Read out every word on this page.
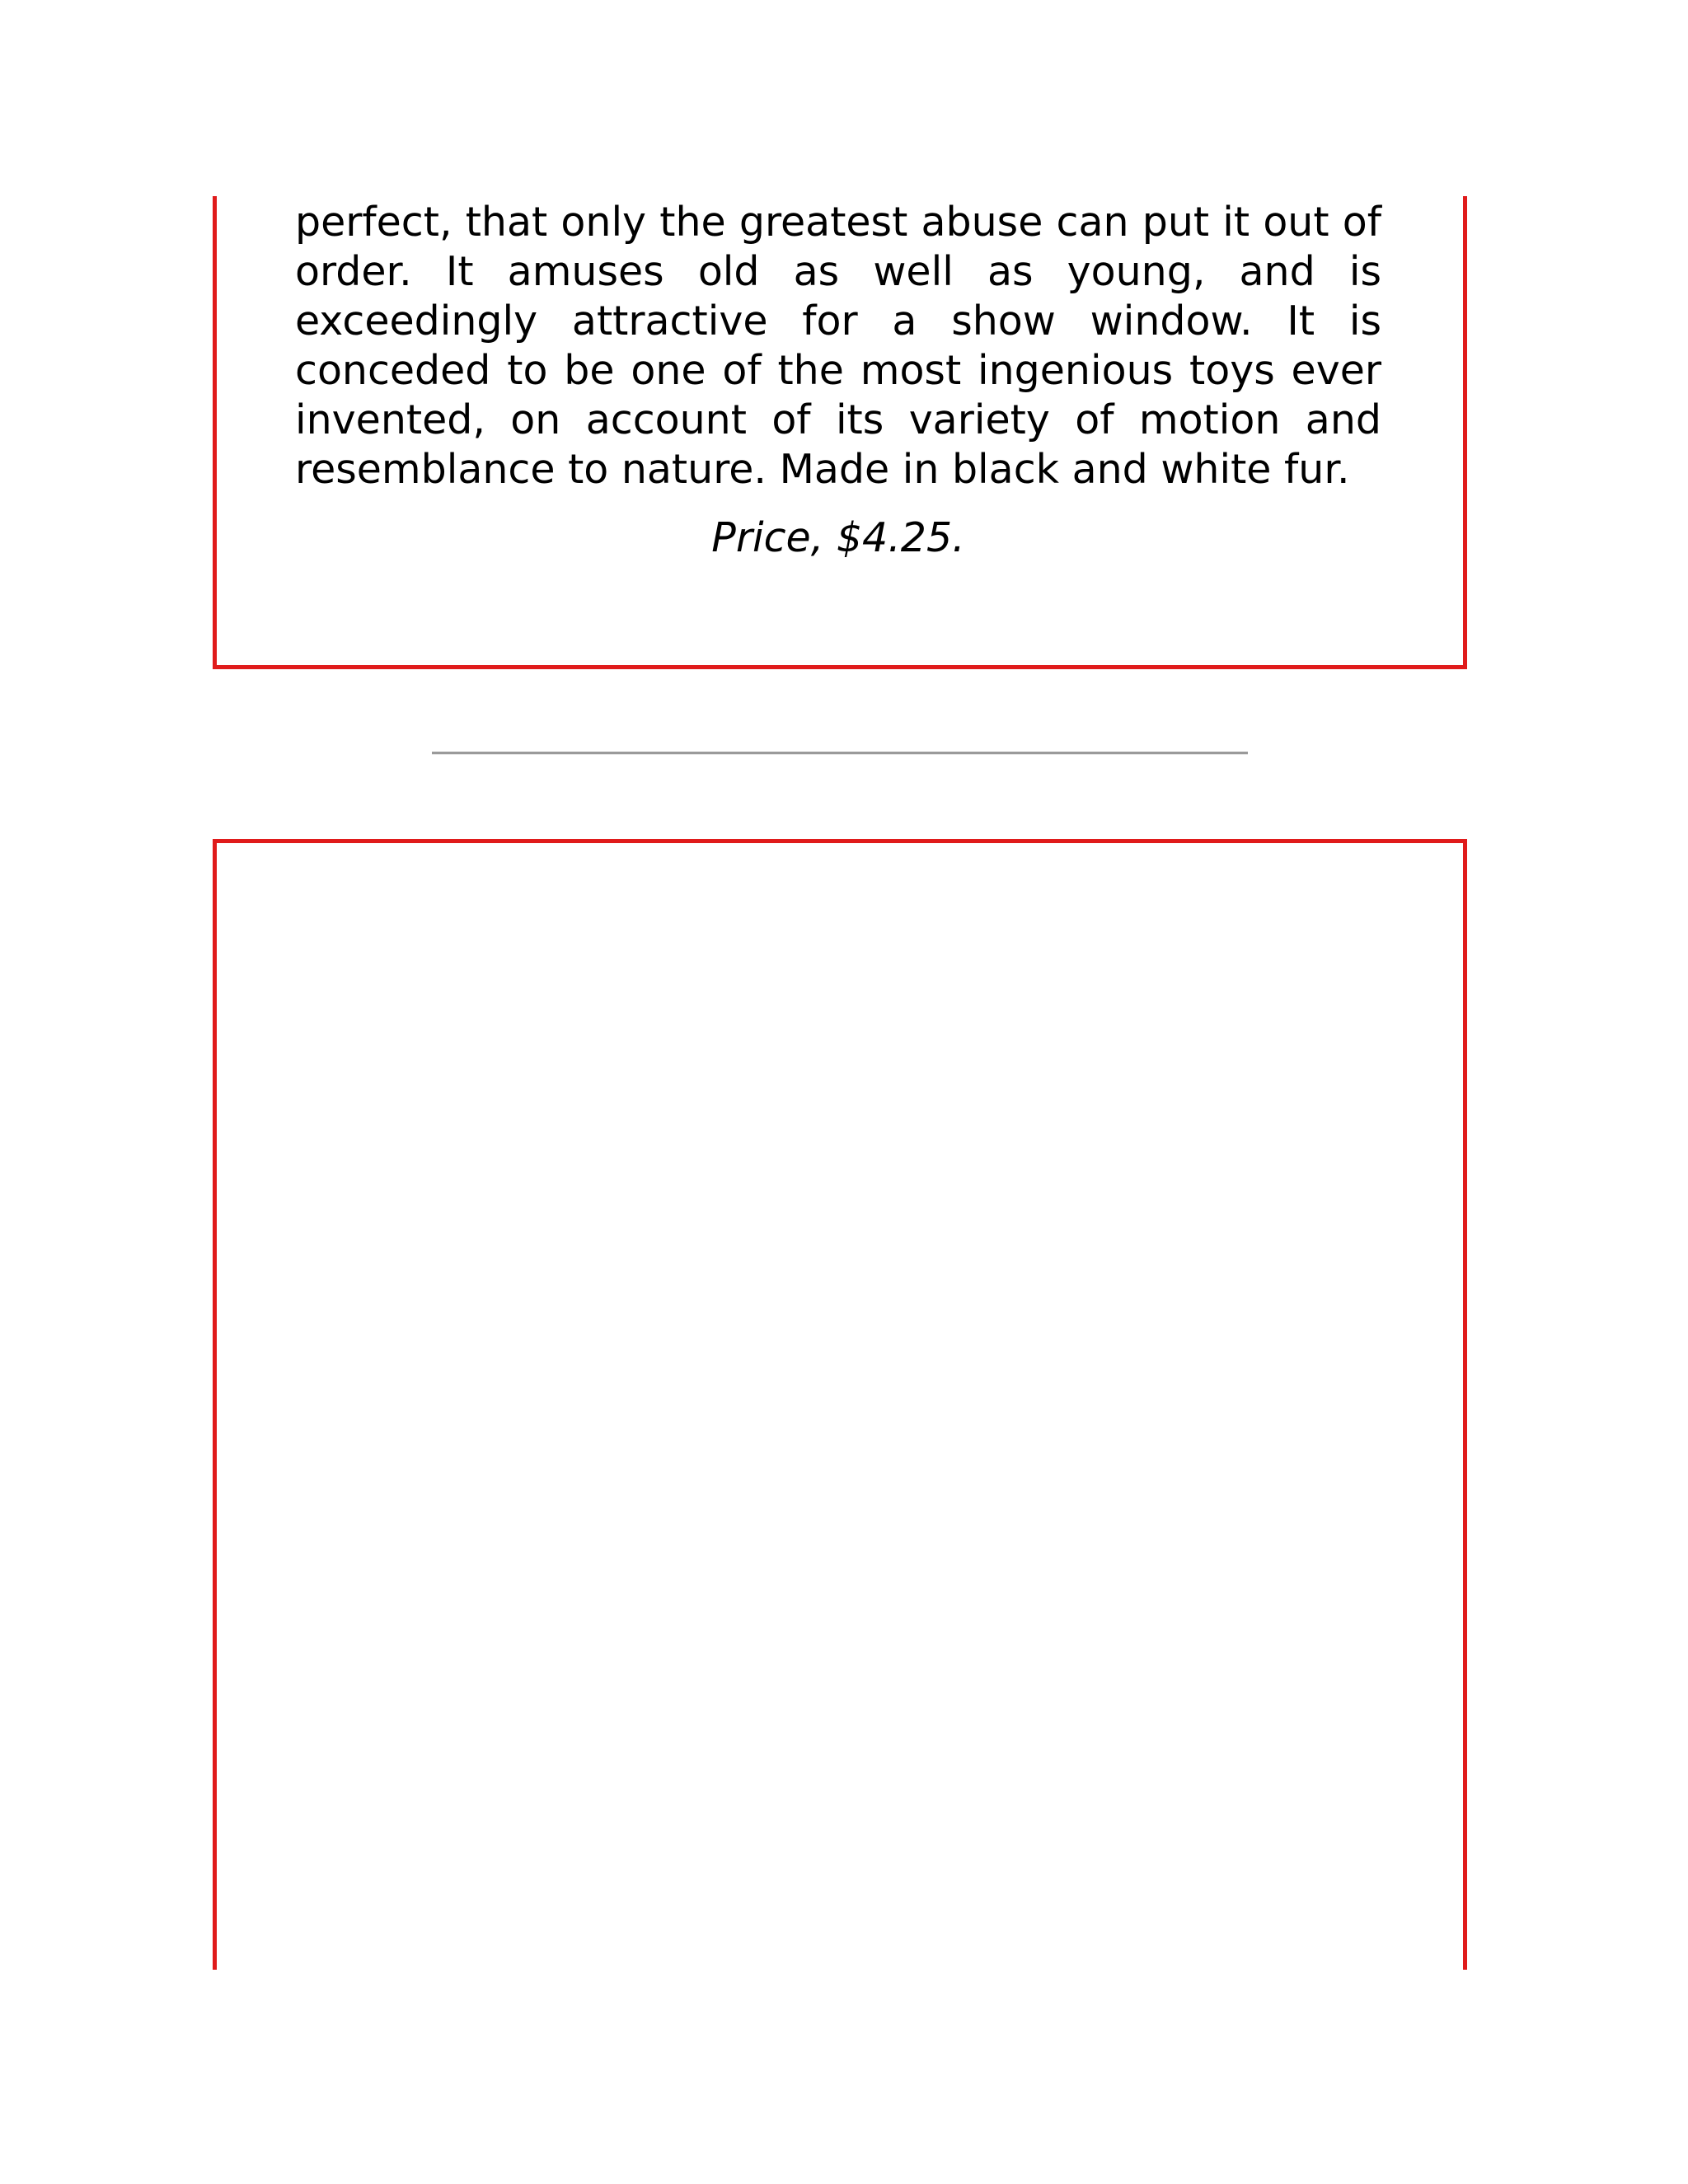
perfect, that only the greatest abuse can put it out of order. It amuses old as well as young, and is exceedingly attractive for a show window. It is conceded to be one of the most ingenious toys ever invented, on account of its variety of motion and resemblance to nature. Made in black and white fur.

Price, $4.25.
